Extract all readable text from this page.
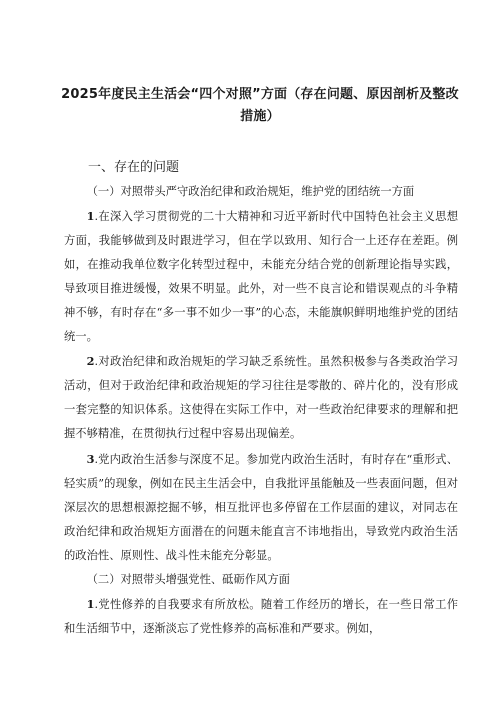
2025年度民主生活会“四个对照”方面（存在问题、原因剖析及整改措施）
一、存在的问题

（一）对照带头严守政治纪律和政治规矩，维护党的团结统一方面

1.在深入学习贯彻党的二十大精神和习近平新时代中国特色社会主义思想方面，我能够做到及时跟进学习，但在学以致用、知行合一上还存在差距。例如，在推动我单位数字化转型过程中，未能充分结合党的创新理论指导实践，导致项目推进缓慢，效果不明显。此外，对一些不良言论和错误观点的斗争精神不够，有时存在“多一事不如少一事”的心态，未能旗帜鲜明地维护党的团结统一。

2.对政治纪律和政治规矩的学习缺乏系统性。虽然积极参与各类政治学习活动，但对于政治纪律和政治规矩的学习往往是零散的、碎片化的，没有形成一套完整的知识体系。这使得在实际工作中，对一些政治纪律要求的理解和把握不够精准，在贯彻执行过程中容易出现偏差。

3.党内政治生活参与深度不足。参加党内政治生活时，有时存在“重形式、轻实质”的现象，例如在民主生活会中，自我批评虽能触及一些表面问题，但对深层次的思想根源挖掘不够，相互批评也多停留在工作层面的建议，对同志在政治纪律和政治规矩方面潜在的问题未能直言不讳地指出，导致党内政治生活的政治性、原则性、战斗性未能充分彰显。

（二）对照带头增强党性、砥砺作风方面

1.党性修养的自我要求有所放松。随着工作经历的增长，在一些日常工作和生活细节中，逐渐淡忘了党性修养的高标准和严要求。例如，
